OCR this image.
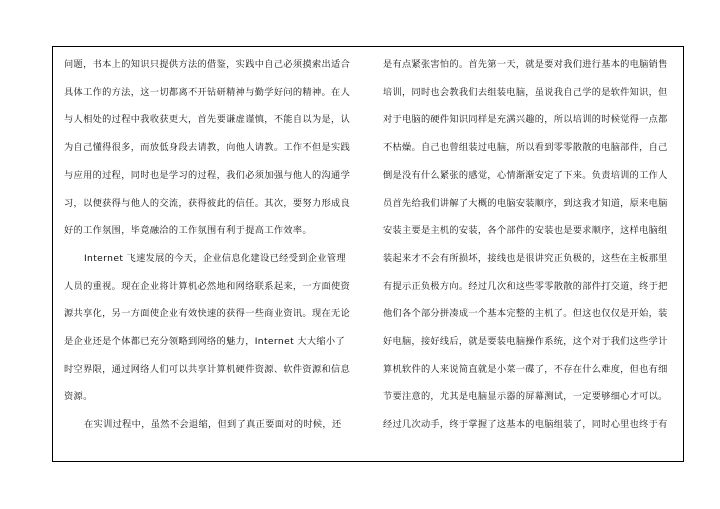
问题，书本上的知识只提供方法的借鉴，实践中自己必须摸索出适合
具体工作的方法，这一切都离不开钻研精神与勤学好问的精神。在人
与人相处的过程中我收获更大，首先要谦虚谨慎，不能自以为是，认
为自己懂得很多，而放低身段去请教，向他人请教。工作不但是实践
与应用的过程，同时也是学习的过程，我们必须加强与他人的沟通学
习，以便获得与他人的交流，获得彼此的信任。其次，要努力形成良
好的工作氛围，毕竟融洽的工作氛围有利于提高工作效率。
Internet 飞速发展的今天，企业信息化建设已经受到企业管理
人员的重视。现在企业将计算机必然地和网络联系起来，一方面使资
源共享化，另一方面使企业有效快速的获得一些商业资讯。现在无论
是企业还是个体都已充分领略到网络的魅力，Internet 大大缩小了
时空界限，通过网络人们可以共享计算机硬件资源、软件资源和信息
资源。
在实训过程中，虽然不会退缩，但到了真正要面对的时候，还
是有点紧张害怕的。首先第一天，就是要对我们进行基本的电脑销售
培训，同时也会教我们去组装电脑，虽说我自己学的是软件知识，但
对于电脑的硬件知识同样是充满兴趣的，所以培训的时候觉得一点都
不枯燥。自己也曾组装过电脑，所以看到零零散散的电脑部件，自己
倒是没有什么紧张的感觉，心情渐渐安定了下来。负责培训的工作人
员首先给我们讲解了大概的电脑安装顺序，到这我才知道，原来电脑
安装主要是主机的安装，各个部件的安装也是要求顺序，这样电脑组
装起来才不会有所损坏，接线也是很讲究正负极的，这些在主板那里
有提示正负极方向。经过几次和这些零零散散的部件打交道，终于把
他们各个部分拼凑成一个基本完整的主机了。但这也仅仅是开始，装
好电脑，接好线后，就是要装电脑操作系统，这个对于我们这些学计
算机软件的人来说简直就是小菜一碟了，不存在什么难度，但也有细
节要注意的，尤其是电脑显示器的屏幕测试，一定要够细心才可以。
经过几次动手，终于掌握了这基本的电脑组装了，同时心里也终于有
